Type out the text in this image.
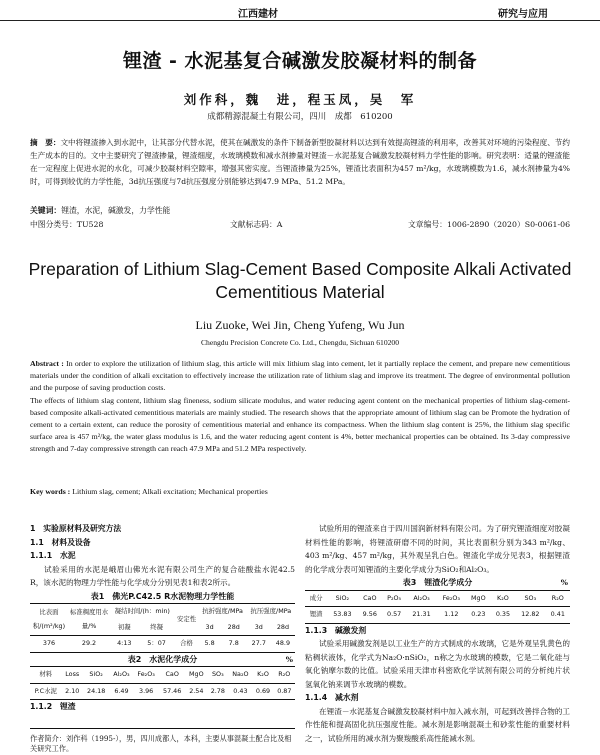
江西建材	研究与应用
锂渣 - 水泥基复合碱激发胶凝材料的制备
刘作科，魏　进，程玉凤，吴　军
成都精源混凝土有限公司，四川　成都　610200
摘　要：文中将锂渣掺入到水泥中，让其部分代替水泥，使其在碱激发的条件下制备新型胶凝材料以达到有效提高锂渣的利用率，改善其对环境的污染程度、节约生产成本的目的。文中主要研究了锂渣掺量，锂渣细度，水玻璃模数和减水剂掺量对锂渣－水泥基复合碱激发胶凝材料力学性能的影响。研究表明：适量的锂渣能在一定程度上促进水泥的水化，可减少胶凝材料空隙率，增强其密实度。当锂渣掺量为25%，锂渣比表面积为457 m²/kg，水玻璃模数为1.6，减水剂掺量为4%时，可得到较优的力学性能，3d抗压强度与7d抗压强度分别能够达到47.9 MPa、51.2 MPa。
关键词：锂渣，水泥，碱激发，力学性能
中图分类号：TU528	文献标志码：A	文章编号：1006-2890（2020）S0-0061-06
Preparation of Lithium Slag-Cement Based Composite Alkali Activated
Cementitious Material
Liu Zuoke, Wei Jin, Cheng Yufeng, Wu Jun
Chengdu Precision Concrete Co. Ltd., Chengdu, Sichuan 610200

Abstract : In order to explore the utilization of lithium slag, this article will mix lithium slag into cement, let it partially replace the cement, and prepare new cementitious materials under the condition of alkali excitation to effectively increase the utilization rate of lithium slag and improve its treatment. The degree of environmental pollution and the purpose of saving production costs.

The effects of lithium slag content, lithium slag fineness, sodium silicate modulus, and water reducing agent content on the mechanical properties of lithium slag-cement-based composite alkali-activated cementitious materials are mainly studied. The research shows that the appropriate amount of lithium slag can be Promote the hydration of cement to a certain extent, can reduce the porosity of cementitious material and enhance its compactness. When the lithium slag content is 25%, the lithium slag specific surface area is 457 m²/kg, the water glass modulus is 1.6, and the water reducing agent content is 4%, better mechanical properties can be obtained. Its 3-day compressive strength and 7-day compressive strength can reach 47.9 MPa and 51.2 MPa respectively.

Key words : Lithium slag, cement; Alkali excitation; Mechanical properties
1　实验原材料及研究方法
1.1　材料及设备
1.1.1　水泥

试验采用的水泥是峨眉山佛光水泥有限公司生产的复合硅酸盐水泥42.5 R，该水泥的物理力学性能与化学成分分别见表1和表2所示。

表1　佛光P.C42.5 R水泥物理力学性能
比表面积/(m²/kg)	标准稠度用水量/%	凝结时间/(h：min)		安定性	抗折强度/MPa		抗压强度/MPa	
		初凝	终凝		3d	28d	3d	28d
376	29.2	4:13	5：07	合格	5.8	7.8	27.7	48.9
表2　水泥化学成分	%
材料	Loss	SiO₂	Al₂O₃	Fe₂O₃	CaO	MgO	SO₃	Na₂O	K₂O	R₂O
P.C水泥	2.10	24.18	6.49	3.96	57.46	2.54	2.78	0.43	0.69	0.87
1.1.2　锂渣
作者简介：刘作科（1995-），男，四川成都人，本科，主要从事混凝土配合比及相关研究工作。

试验所用的锂渣来自于四川国润新材料有限公司。为了研究锂渣细度对胶凝材料性能的影响，将锂渣研磨不同的时间，其比表面积分别为343 m²/kg、403 m²/kg、457 m²/kg，其外观呈乳白色。锂渣化学成分见表3，根据锂渣的化学成分表可知锂渣的主要化学成分为SiO₂和Al₂O₃。

表3　锂渣化学成分	%
成分	SiO₂	CaO	P₂O₅	Al₂O₃	Fe₂O₃	MgO	K₂O	SO₃	R₂O
锂渣	53.83	9.56	0.57	21.31	1.12	0.23	0.35	12.82	0.41
1.1.3　碱激发剂

试验采用碱激发剂是以工业生产的方式制成的水玻璃，它是外观呈乳黄色的粘稠状液体，化学式为Na₂O·nSiO₂，n称之为水玻璃的模数，它是二氧化硅与氧化钠摩尔数的比值。试验采用天津市科密欧化学试剂有限公司的分析纯片状氢氧化钠来调节水玻璃的模数。

1.1.4　减水剂

在锂渣－水泥基复合碱激发胶凝材料中加入减水剂，可起到改善拌合物的工作性能和提高固化抗压强度性能。减水剂是影响混凝土和砂浆性能的重要材料之一，试验所用的减水剂为聚羧酸系高性能减水剂。
